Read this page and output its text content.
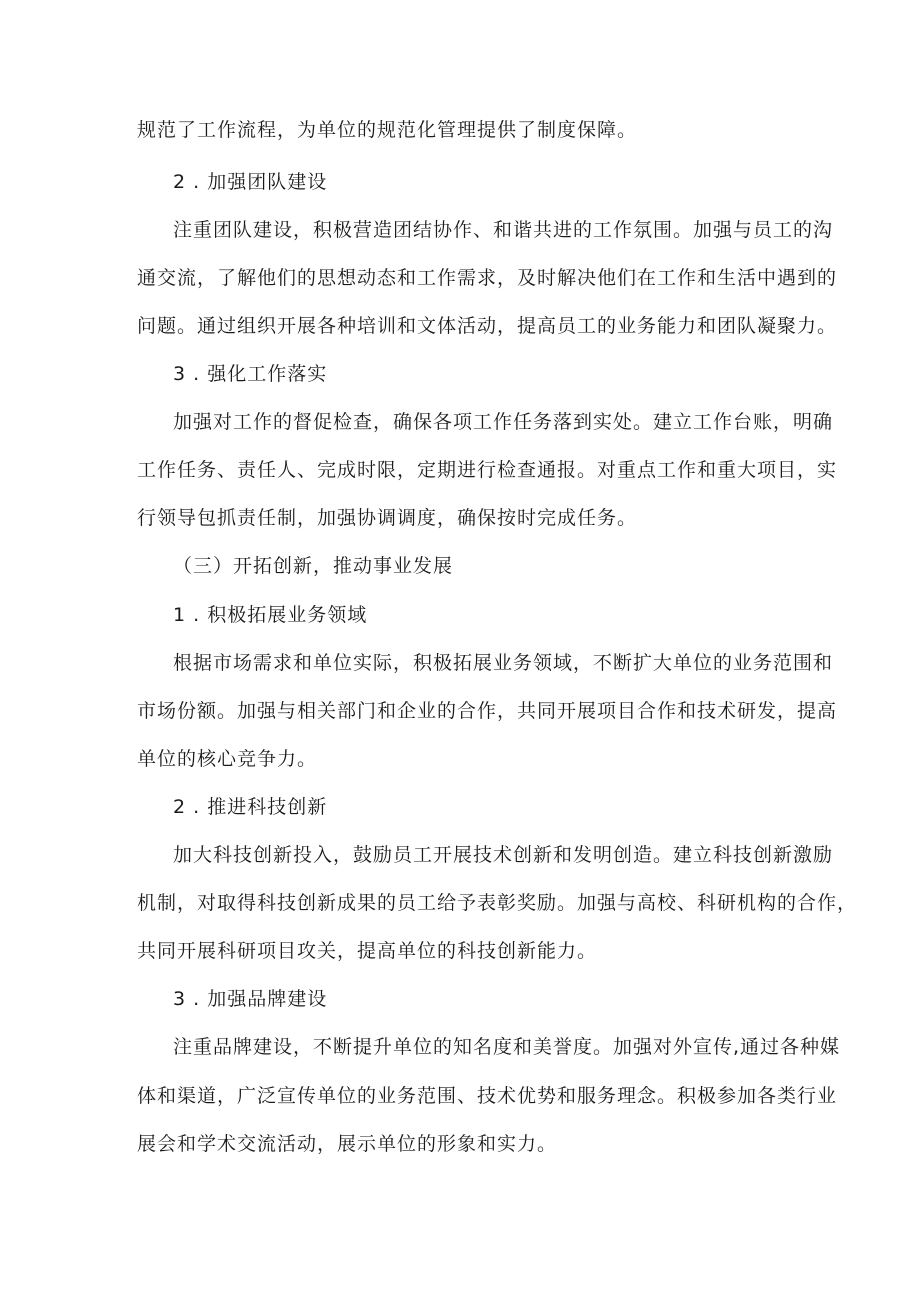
规范了工作流程，为单位的规范化管理提供了制度保障。
2 . 加强团队建设
注重团队建设，积极营造团结协作、和谐共进的工作氛围。加强与员工的沟
通交流，了解他们的思想动态和工作需求，及时解决他们在工作和生活中遇到的
问题。通过组织开展各种培训和文体活动，提高员工的业务能力和团队凝聚力。
3 . 强化工作落实
加强对工作的督促检查，确保各项工作任务落到实处。建立工作台账，明确
工作任务、责任人、完成时限，定期进行检查通报。对重点工作和重大项目，实
行领导包抓责任制，加强协调调度，确保按时完成任务。
（三）开拓创新，推动事业发展
1 . 积极拓展业务领域
根据市场需求和单位实际，积极拓展业务领域，不断扩大单位的业务范围和
市场份额。加强与相关部门和企业的合作，共同开展项目合作和技术研发，提高
单位的核心竞争力。
2 . 推进科技创新
加大科技创新投入，鼓励员工开展技术创新和发明创造。建立科技创新激励
机制，对取得科技创新成果的员工给予表彰奖励。加强与高校、科研机构的合作，
共同开展科研项目攻关，提高单位的科技创新能力。
3 . 加强品牌建设
注重品牌建设，不断提升单位的知名度和美誉度。加强对外宣传,通过各种媒
体和渠道，广泛宣传单位的业务范围、技术优势和服务理念。积极参加各类行业
展会和学术交流活动，展示单位的形象和实力。
